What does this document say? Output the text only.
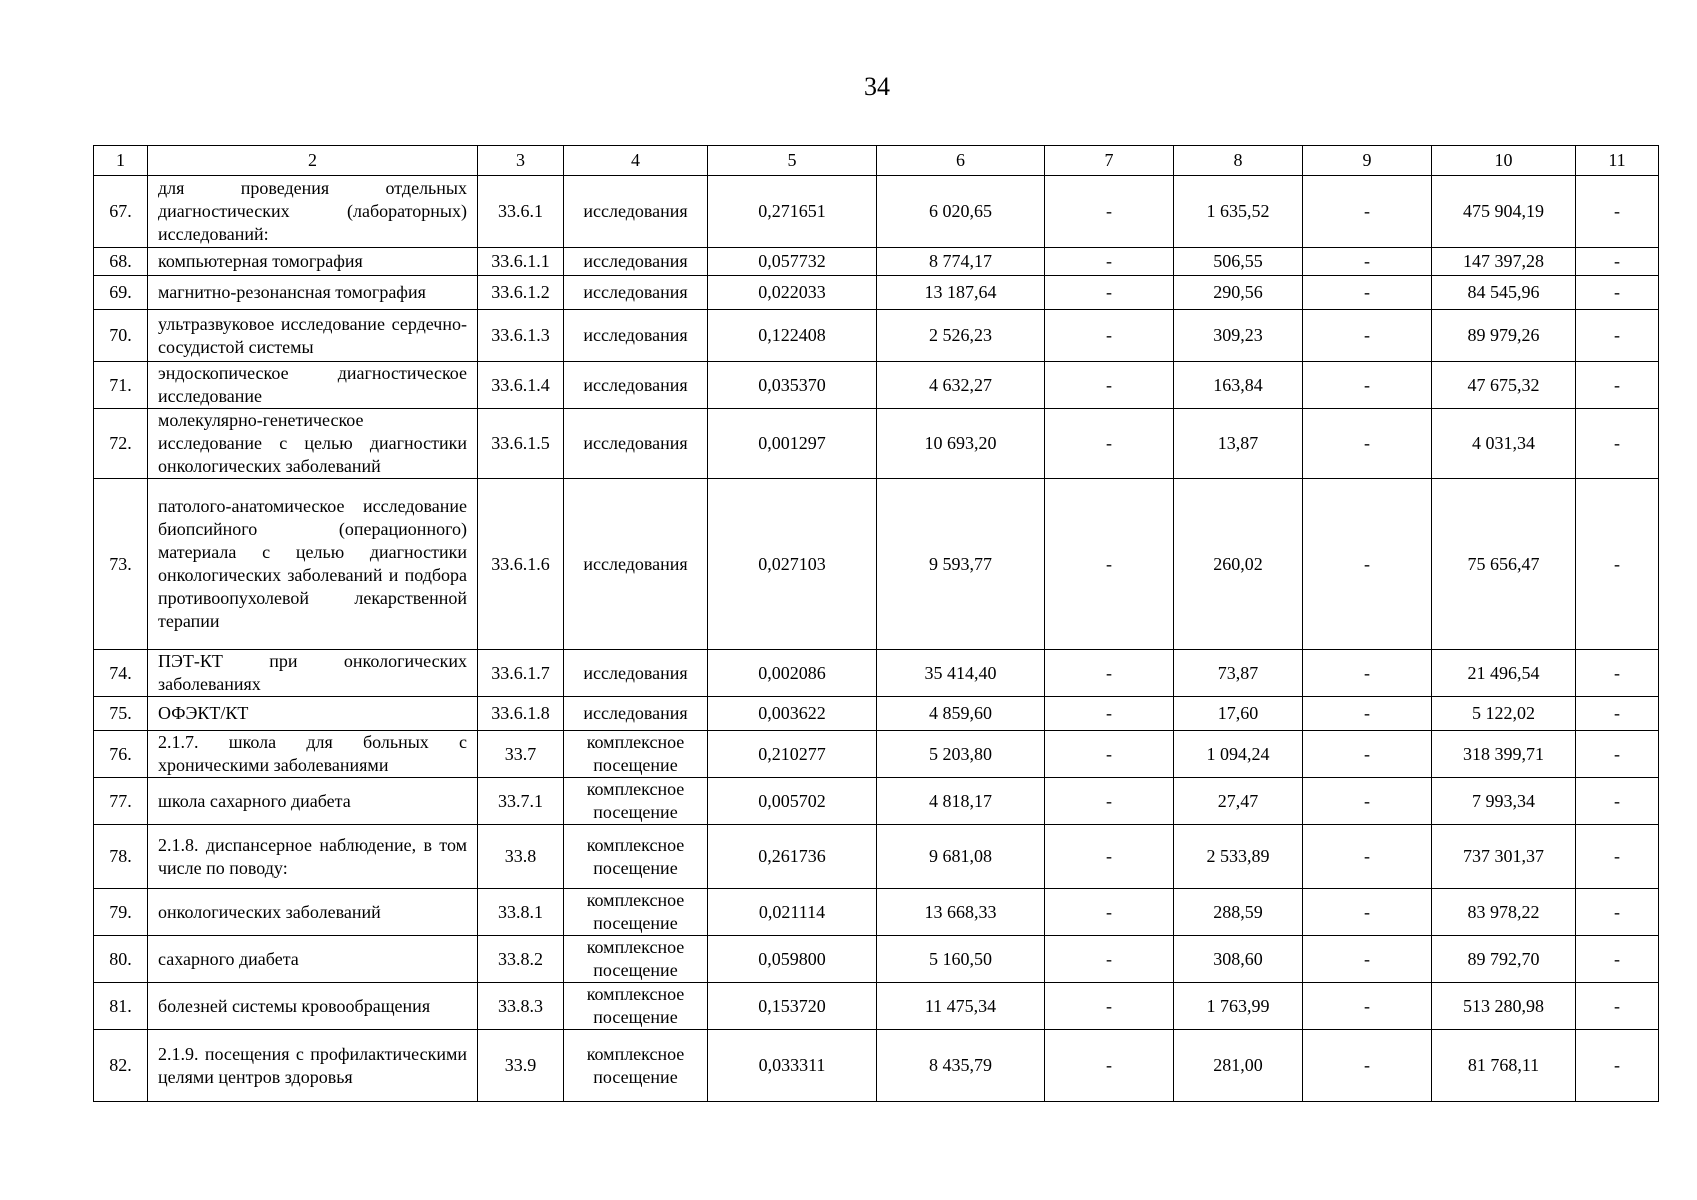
34
1	2	3	4	5	6	7	8	9	10	11
67.	для проведения отдельных диагностических (лабораторных) исследований:	33.6.1	исследования	0,271651	6 020,65	-	1 635,52	-	475 904,19	-
68.	компьютерная томография	33.6.1.1	исследования	0,057732	8 774,17	-	506,55	-	147 397,28	-
69.	магнитно-резонансная томография	33.6.1.2	исследования	0,022033	13 187,64	-	290,56	-	84 545,96	-
70.	ультразвуковое исследование сердечно-сосудистой системы	33.6.1.3	исследования	0,122408	2 526,23	-	309,23	-	89 979,26	-
71.	эндоскопическое диагностическое исследование	33.6.1.4	исследования	0,035370	4 632,27	-	163,84	-	47 675,32	-
72.	молекулярно-генетическое исследование с целью диагностики онкологических заболеваний	33.6.1.5	исследования	0,001297	10 693,20	-	13,87	-	4 031,34	-
73.	патолого-анатомическое исследование биопсийного (операционного) материала с целью диагностики онкологических заболеваний и подбора противоопухолевой лекарственной терапии	33.6.1.6	исследования	0,027103	9 593,77	-	260,02	-	75 656,47	-
74.	ПЭТ-КТ при онкологических заболеваниях	33.6.1.7	исследования	0,002086	35 414,40	-	73,87	-	21 496,54	-
75.	ОФЭКТ/КТ	33.6.1.8	исследования	0,003622	4 859,60	-	17,60	-	5 122,02	-
76.	2.1.7. школа для больных с хроническими заболеваниями	33.7	комплексное посещение	0,210277	5 203,80	-	1 094,24	-	318 399,71	-
77.	школа сахарного диабета	33.7.1	комплексное посещение	0,005702	4 818,17	-	27,47	-	7 993,34	-
78.	2.1.8. диспансерное наблюдение, в том числе по поводу:	33.8	комплексное посещение	0,261736	9 681,08	-	2 533,89	-	737 301,37	-
79.	онкологических заболеваний	33.8.1	комплексное посещение	0,021114	13 668,33	-	288,59	-	83 978,22	-
80.	сахарного диабета	33.8.2	комплексное посещение	0,059800	5 160,50	-	308,60	-	89 792,70	-
81.	болезней системы кровообращения	33.8.3	комплексное посещение	0,153720	11 475,34	-	1 763,99	-	513 280,98	-
82.	2.1.9. посещения с профилактическими целями центров здоровья	33.9	комплексное посещение	0,033311	8 435,79	-	281,00	-	81 768,11	-
